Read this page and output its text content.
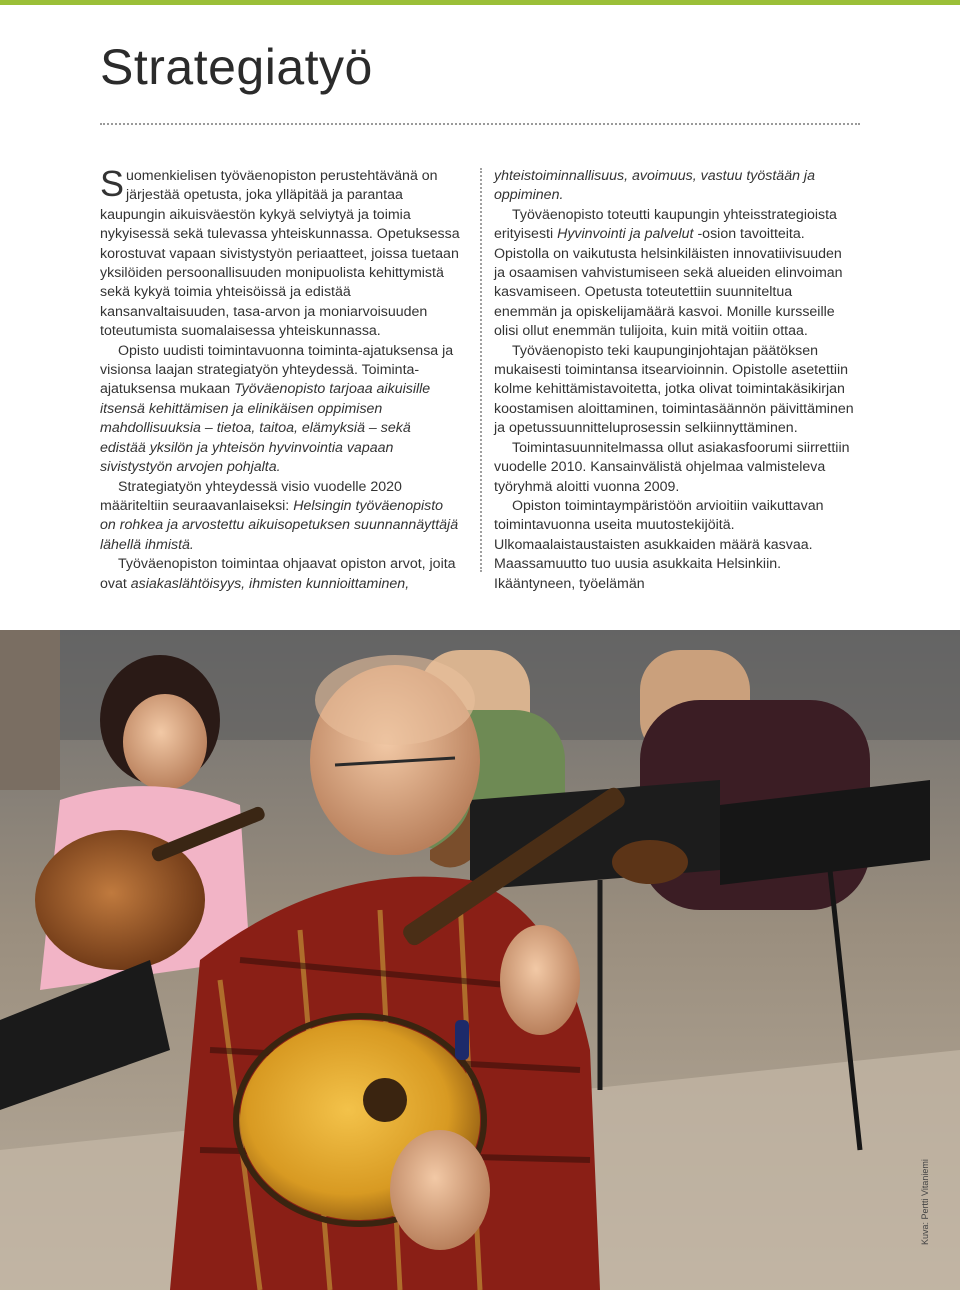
Strategiatyö

Suomenkielisen työväenopiston perustehtävänä on järjestää opetusta, joka ylläpitää ja parantaa kaupungin aikuisväestön kykyä selviytyä ja toimia nykyisessä sekä tulevassa yhteiskunnassa. Opetuksessa korostuvat vapaan sivistystyön periaatteet, joissa tuetaan yksilöiden persoonallisuuden monipuolista kehittymistä sekä kykyä toimia yhteisöissä ja edistää kansanvaltaisuuden, tasa-arvon ja moniarvoisuuden toteutumista suomalaisessa yhteiskunnassa.

Opisto uudisti toimintavuonna toiminta-ajatuksensa ja visionsa laajan strategiatyön yhteydessä. Toiminta-ajatuksensa mukaan Työväenopisto tarjoaa aikuisille itsensä kehittämisen ja elinikäisen oppimisen mahdollisuuksia – tietoa, taitoa, elämyksiä – sekä edistää yksilön ja yhteisön hyvinvointia vapaan sivistystyön arvojen pohjalta.

Strategiatyön yhteydessä visio vuodelle 2020 määriteltiin seuraavanlaiseksi: Helsingin työväenopisto on rohkea ja arvostettu aikuisopetuksen suunnannäyttäjä lähellä ihmistä.

Työväenopiston toimintaa ohjaavat opiston arvot, joita ovat asiakaslähtöisyys, ihmisten kunnioittaminen,

yhteistoiminnallisuus, avoimuus, vastuu työstään ja oppiminen.

Työväenopisto toteutti kaupungin yhteisstrategioista erityisesti Hyvinvointi ja palvelut -osion tavoitteita. Opistolla on vaikutusta helsinkiläisten innovatiivisuuden ja osaamisen vahvistumiseen sekä alueiden elinvoiman kasvamiseen. Opetusta toteutettiin suunniteltua enemmän ja opiskelijamäärä kasvoi. Monille kursseille olisi ollut enemmän tulijoita, kuin mitä voitiin ottaa.

Työväenopisto teki kaupunginjohtajan päätöksen mukaisesti toimintansa itsearvioinnin. Opistolle asetettiin kolme kehittämistavoitetta, jotka olivat toimintakäsikirjan koostamisen aloittaminen, toimintasäännön päivittäminen ja opetussuunnitteluprosessin selkiinnyttäminen.

Toimintasuunnitelmassa ollut asiakasfoorumi siirrettiin vuodelle 2010. Kansainvälistä ohjelmaa valmisteleva työryhmä aloitti vuonna 2009.

Opiston toimintaympäristöön arvioitiin vaikuttavan toimintavuonna useita muutostekijöitä. Ulkomaalaistaustaisten asukkaiden määrä kasvaa. Maassamuutto tuo uusia asukkaita Helsinkiin. Ikääntyneen, työelämän

Kuva: Pertti Vitaniemi
